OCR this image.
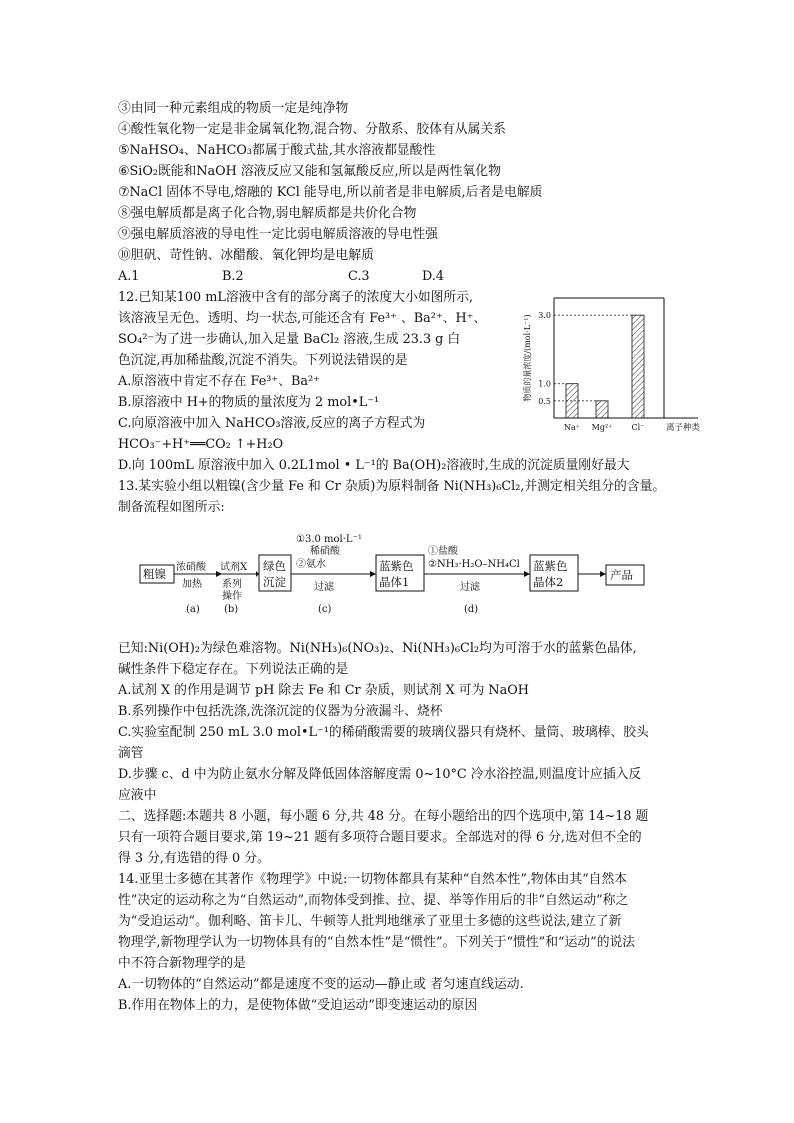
③由同一种元素组成的物质一定是纯净物
④酸性氧化物一定是非金属氧化物,混合物、分散系、胶体有从属关系
⑤NaHSO₄、NaHCO₃都属于酸式盐,其水溶液都显酸性
⑥SiO₂既能和NaOH 溶液反应又能和氢氟酸反应,所以是两性氧化物
⑦NaCl 固体不导电,熔融的 KCl 能导电,所以前者是非电解质,后者是电解质
⑧强电解质都是离子化合物,弱电解质都是共价化合物
⑨强电解质溶液的导电性一定比弱电解质溶液的导电性强
⑩胆矾、苛性钠、冰醋酸、氧化钾均是电解质
A.1	B.2	C.3	D.4
12.已知某100 mL溶液中含有的部分离子的浓度大小如图所示,
该溶液呈无色、透明、均一状态,可能还含有 Fe³⁺ 、Ba²⁺、H⁺、
SO₄²⁻为了进一步确认,加入足量 BaCl₂ 溶液,生成 23.3 g 白
色沉淀,再加稀盐酸,沉淀不消失。下列说法错误的是
A.原溶液中肯定不存在 Fe³⁺、Ba²⁺
B.原溶液中 H+的物质的量浓度为 2 mol•L⁻¹
C.向原溶液中加入 NaHCO₃溶液,反应的离子方程式为
HCO₃⁻+H⁺══CO₂ ↑+H₂O
D.向 100mL 原溶液中加入 0.2L1mol • L⁻¹的 Ba(OH)₂溶液时,生成的沉淀质量刚好最大
Na⁺ Mg²⁺ Cl⁻
0.5
1.0
3.0
离子种类
物质的量浓度/(mol·L⁻¹)
13.某实验小组以粗镍(含少量 Fe 和 Cr 杂质)为原料制备 Ni(NH₃)₆Cl₂,并测定相关组分的含量。
制备流程如图所示:
粗镍
绿色
沉淀
蓝紫色
晶体1
蓝紫色
晶体2	产品
浓硝酸
加热
(a)
试剂X
系列
操作
(b)
①3.0 mol·L⁻¹
稀硝酸
②氨水
过滤
(c)
①盐酸
②NH₃·H₂O–NH₄Cl
过滤
(d)
已知:Ni(OH)₂为绿色难溶物。Ni(NH₃)₆(NO₃)₂、Ni(NH₃)₆Cl₂均为可溶于水的蓝紫色晶体,
碱性条件下稳定存在。下列说法正确的是
A.试剂 X 的作用是调节 pH 除去 Fe 和 Cr 杂质，则试剂 X 可为 NaOH
B.系列操作中包括洗涤,洗涤沉淀的仪器为分液漏斗、烧杯
C.实验室配制 250 mL 3.0 mol•L⁻¹的稀硝酸需要的玻璃仪器只有烧杯、量筒、玻璃棒、胶头
滴管
D.步骤 c、d 中为防止氨水分解及降低固体溶解度需 0~10°C 冷水浴控温,则温度计应插入反
应液中
二、选择题:本题共 8 小题，每小题 6 分,共 48 分。在每小题给出的四个选项中,第 14~18 题
只有一项符合题目要求,第 19~21 题有多项符合题目要求。全部选对的得 6 分,选对但不全的
得 3 分,有选错的得 0 分。
14.亚里士多德在其著作《物理学》中说:一切物体都具有某种“自然本性”,物体由其“自然本
性”决定的运动称之为“自然运动”,而物体受到推、拉、提、举等作用后的非“自然运动”称之
为“受迫运动”。伽利略、笛卡儿、牛顿等人批判地继承了亚里士多德的这些说法,建立了新
物理学,新物理学认为一切物体具有的“自然本性”是“惯性”。下列关于“惯性”和“运动”的说法
中不符合新物理学的是
A.一切物体的“自然运动”都是速度不变的运动—静止或 者匀速直线运动.
B.作用在物体上的力，是使物体做“受迫运动”即变速运动的原因
